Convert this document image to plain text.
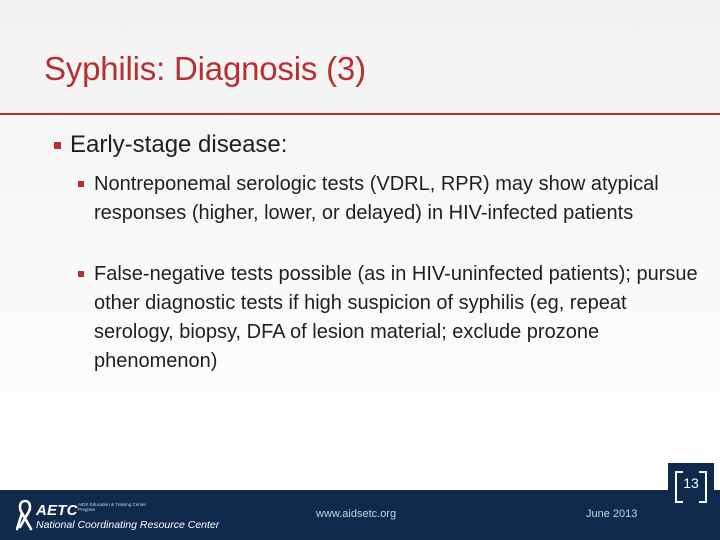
Syphilis: Diagnosis (3)
Early-stage disease:
Nontreponemal serologic tests (VDRL, RPR) may show atypical responses (higher, lower, or delayed) in HIV-infected patients
False-negative tests possible (as in HIV-uninfected patients); pursue other diagnostic tests if high suspicion of syphilis (eg, repeat serology, biopsy, DFA of lesion material; exclude prozone phenomenon)
AETC AIDS Education & Training Center Program
National Coordinating Resource Center
www.aidsetc.org	June 2013
13
